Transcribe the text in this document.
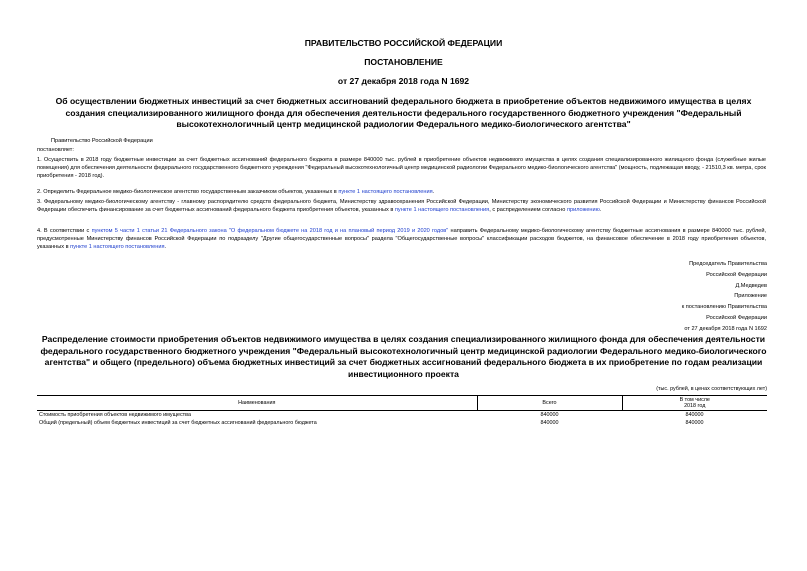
ПРАВИТЕЛЬСТВО РОССИЙСКОЙ ФЕДЕРАЦИИ
ПОСТАНОВЛЕНИЕ
от 27 декабря 2018 года N 1692
Об осуществлении бюджетных инвестиций за счет бюджетных ассигнований федерального бюджета в приобретение объектов недвижимого имущества в целях создания специализированного жилищного фонда для обеспечения деятельности федерального государственного бюджетного учреждения "Федеральный высокотехнологичный центр медицинской радиологии Федерального медико-биологического агентства"
Правительство Российской Федерации
постановляет:
1. Осуществить в 2018 году бюджетные инвестиции за счет бюджетных ассигнований федерального бюджета в размере 840000 тыс. рублей в приобретение объектов недвижимого имущества в целях создания специализированного жилищного фонда (служебные жилые помещения) для обеспечения деятельности федерального государственного бюджетного учреждения "Федеральный высокотехнологичный центр медицинской радиологии Федерального медико-биологического агентства" (мощность, подлежащая вводу, - 21510,3 кв. метра, срок приобретения - 2018 год).
2. Определить Федеральное медико-биологическое агентство государственным заказчиком объектов, указанных в пункте 1 настоящего постановления.
3. Федеральному медико-биологическому агентству - главному распорядителю средств федерального бюджета, Министерству здравоохранения Российской Федерации, Министерству экономического развития Российской Федерации и Министерству финансов Российской Федерации обеспечить финансирование за счет бюджетных ассигнований федерального бюджета приобретения объектов, указанных в пункте 1 настоящего постановления, с распределением согласно приложению.
4. В соответствии с пунктом 5 части 1 статьи 21 Федерального закона "О федеральном бюджете на 2018 год и на плановый период 2019 и 2020 годов" направить Федеральному медико-биологическому агентству бюджетные ассигнования в размере 840000 тыс. рублей, предусмотренные Министерству финансов Российской Федерации по подразделу "Другие общегосударственные вопросы" раздела "Общегосударственные вопросы" классификации расходов бюджетов, на финансовое обеспечение в 2018 году приобретения объектов, указанных в пункте 1 настоящего постановления.
Председатель Правительства
Российской Федерации
Д.Медведев
Приложение
к постановлению Правительства
Российской Федерации
от 27 декабря 2018 года N 1692
Распределение стоимости приобретения объектов недвижимого имущества в целях создания специализированного жилищного фонда для обеспечения деятельности федерального государственного бюджетного учреждения "Федеральный высокотехнологичный центр медицинской радиологии Федерального медико-биологического агентства" и общего (предельного) объема бюджетных инвестиций за счет бюджетных ассигнований федерального бюджета в их приобретение по годам реализации инвестиционного проекта
(тыс. рублей, в ценах соответствующих лет)
Наименования	Всего	В том числе
2018 год

Стоимость приобретения объектов недвижимого имущества	840000	840000
Общий (предельный) объем бюджетных инвестиций за счет бюджетных ассигнований федерального бюджета	840000	840000
